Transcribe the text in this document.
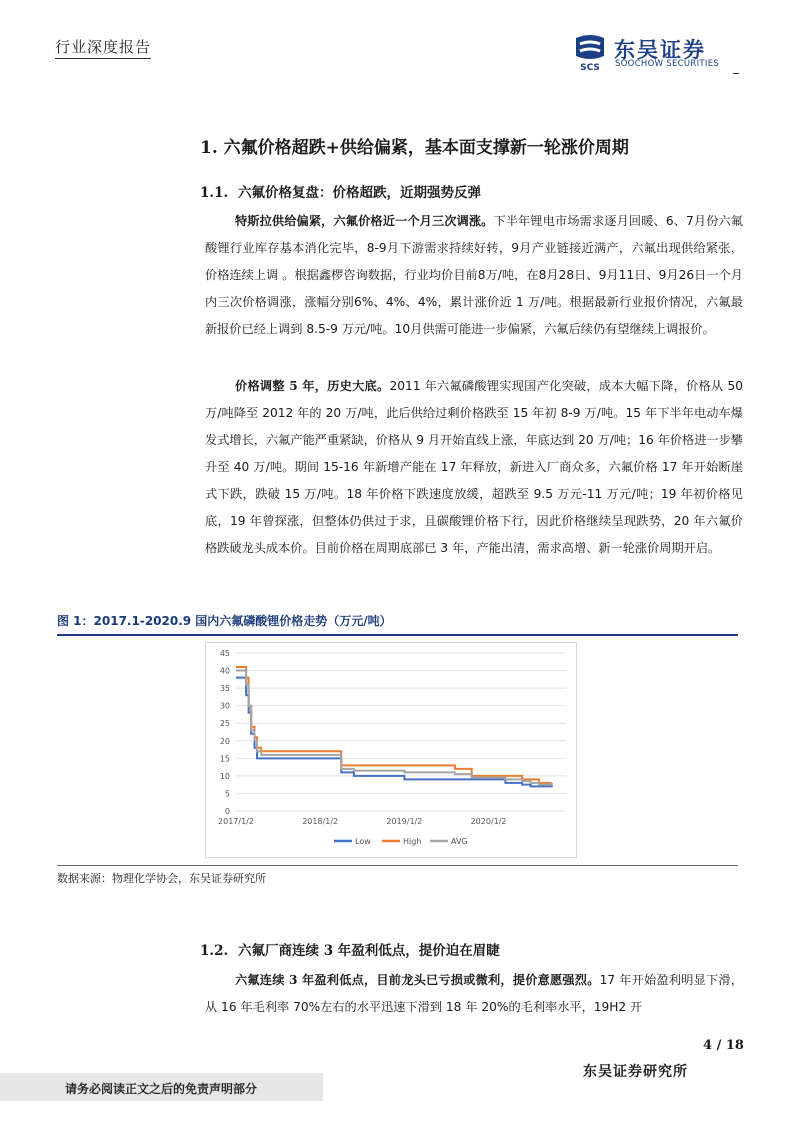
行业深度报告
SCS
东吴证券
SOOCHOW SECURITIES
1. 六氟价格超跌+供给偏紧，基本面支撑新一轮涨价周期
1.1. 六氟价格复盘：价格超跌，近期强势反弹
特斯拉供给偏紧，六氟价格近一个月三次调涨。下半年锂电市场需求逐月回暖、6、7月份六氟酸锂行业库存基本消化完毕，8-9月下游需求持续好转，9月产业链接近满产，六氟出现供给紧张，价格连续上调 。根据鑫椤咨询数据，行业均价目前8万/吨，在8月28日、9月11日、9月26日一个月内三次价格调涨，涨幅分别6%、4%、4%，累计涨价近 1 万/吨。根据最新行业报价情况，六氟最新报价已经上调到 8.5-9 万元/吨。10月供需可能进一步偏紧，六氟后续仍有望继续上调报价。
价格调整 5 年，历史大底。2011 年六氟磷酸锂实现国产化突破，成本大幅下降，价格从 50 万/吨降至 2012 年的 20 万/吨，此后供给过剩价格跌至 15 年初 8-9 万/吨。15 年下半年电动车爆发式增长，六氟产能严重紧缺，价格从 9 月开始直线上涨，年底达到 20 万/吨；16 年价格进一步攀升至 40 万/吨。期间 15-16 年新增产能在 17 年释放，新进入厂商众多，六氟价格 17 年开始断崖式下跌，跌破 15 万/吨。18 年价格下跌速度放缓，超跌至 9.5 万元-11 万元/吨；19 年初价格见底，19 年曾探涨，但整体仍供过于求，且碳酸锂价格下行，因此价格继续呈现跌势，20 年六氟价格跌破龙头成本价。目前价格在周期底部已 3 年，产能出清，需求高增、新一轮涨价周期开启。
图 1：2017.1-2020.9 国内六氟磷酸锂价格走势（万元/吨）
0
5
10
15
20
25
30
35
40
45
2017/1/2	2018/1/2	2019/1/2	2020/1/2
Low	High	AVG
数据来源：物理化学协会，东吴证券研究所
1.2. 六氟厂商连续 3 年盈利低点，提价迫在眉睫
六氟连续 3 年盈利低点，目前龙头已亏损或微利，提价意愿强烈。17 年开始盈利明显下滑，从 16 年毛利率 70%左右的水平迅速下滑到 18 年 20%的毛利率水平，19H2 开
4 / 18
东吴证券研究所
请务必阅读正文之后的免责声明部分
